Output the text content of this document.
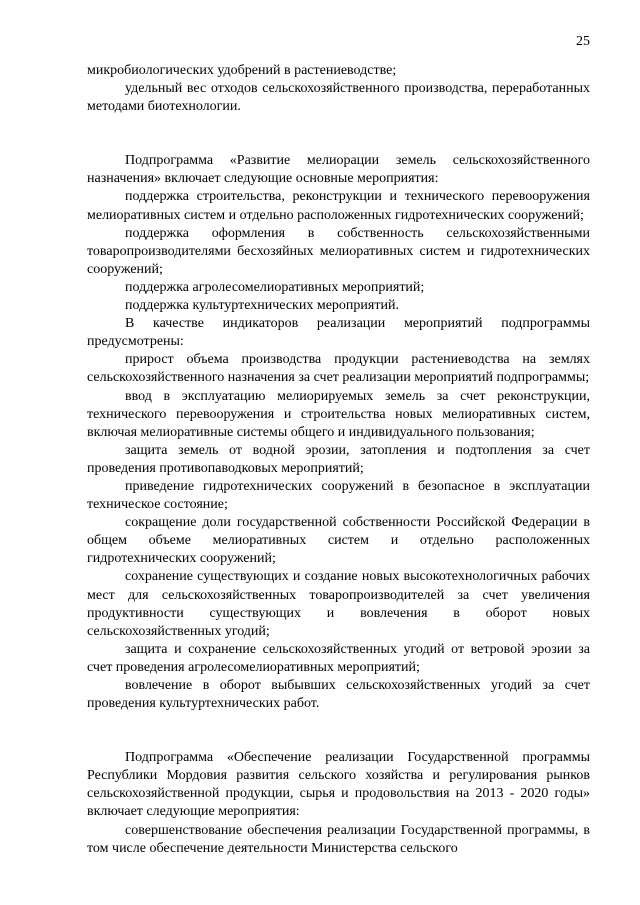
25

микробиологических удобрений в растениеводстве;

удельный вес отходов сельскохозяйственного производства, переработанных методами биотехнологии.

Подпрограмма «Развитие мелиорации земель сельскохозяйственного назначения» включает следующие основные мероприятия:

поддержка строительства, реконструкции и технического перевооружения мелиоративных систем и отдельно расположенных гидротехнических сооружений;

поддержка оформления в собственность сельскохозяйственными товаропроизводителями бесхозяйных мелиоративных систем и гидротехнических сооружений;

поддержка агролесомелиоративных мероприятий;

поддержка культуртехнических мероприятий.

В качестве индикаторов реализации мероприятий подпрограммы предусмотрены:

прирост объема производства продукции растениеводства на землях сельскохозяйственного назначения за счет реализации мероприятий подпрограммы;

ввод в эксплуатацию мелиорируемых земель за счет реконструкции, технического перевооружения и строительства новых мелиоративных систем, включая мелиоративные системы общего и индивидуального пользования;

защита земель от водной эрозии, затопления и подтопления за счет проведения противопаводковых мероприятий;

приведение гидротехнических сооружений в безопасное в эксплуатации техническое состояние;

сокращение доли государственной собственности Российской Федерации в общем объеме мелиоративных систем и отдельно расположенных гидротехнических сооружений;

сохранение существующих и создание новых высокотехнологичных рабочих мест для сельскохозяйственных товаропроизводителей за счет увеличения продуктивности существующих и вовлечения в оборот новых сельскохозяйственных угодий;

защита и сохранение сельскохозяйственных угодий от ветровой эрозии за счет проведения агролесомелиоративных мероприятий;

вовлечение в оборот выбывших сельскохозяйственных угодий за счет проведения культуртехнических работ.

Подпрограмма «Обеспечение реализации Государственной программы Республики Мордовия развития сельского хозяйства и регулирования рынков сельскохозяйственной продукции, сырья и продовольствия на 2013 - 2020 годы» включает следующие мероприятия:

совершенствование обеспечения реализации Государственной программы, в том числе обеспечение деятельности Министерства сельского
